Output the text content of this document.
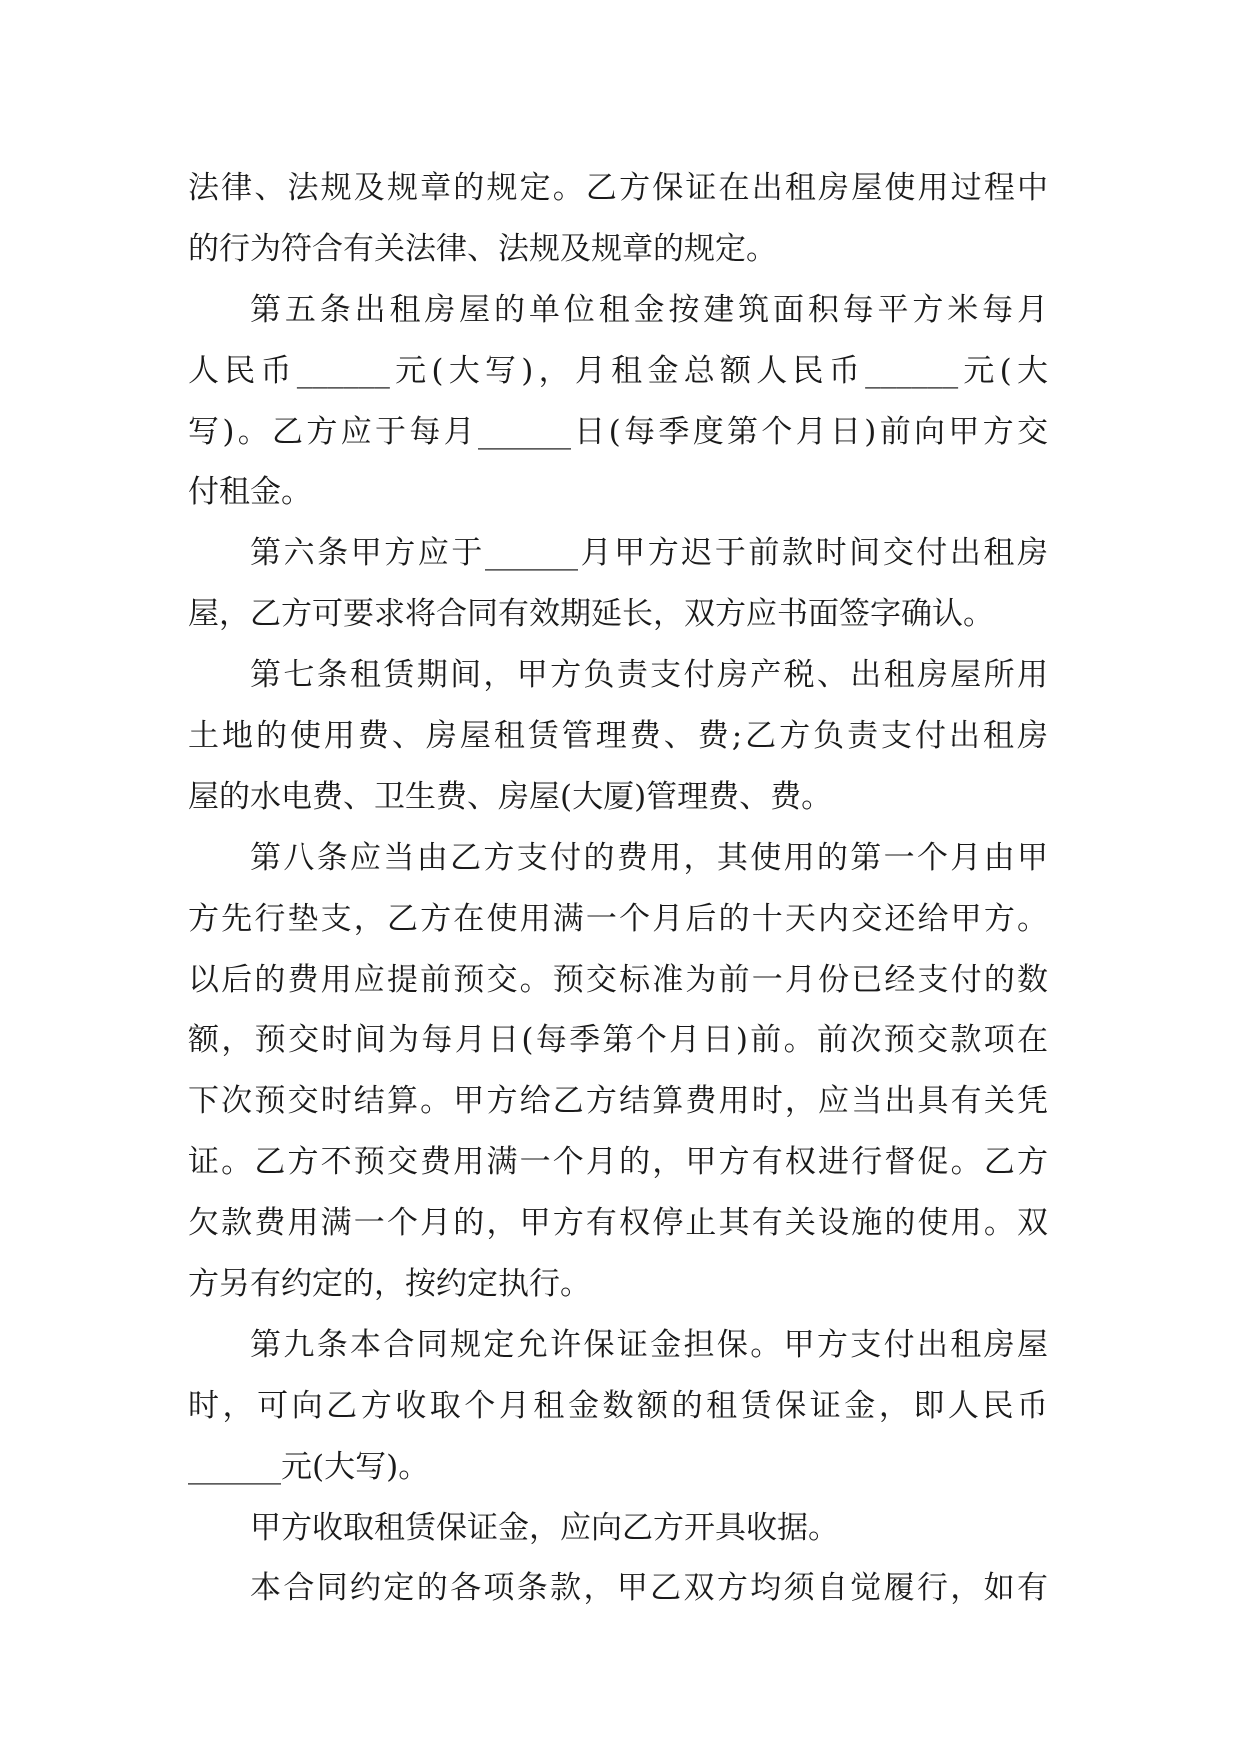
法律、法规及规章的规定。乙方保证在出租房屋使用过程中
的行为符合有关法律、法规及规章的规定。
第五条出租房屋的单位租金按建筑面积每平方米每月
人民币______元(大写)，月租金总额人民币______元(大
写)。乙方应于每月______日(每季度第个月日)前向甲方交
付租金。
第六条甲方应于______月甲方迟于前款时间交付出租房
屋，乙方可要求将合同有效期延长，双方应书面签字确认。
第七条租赁期间，甲方负责支付房产税、出租房屋所用
土地的使用费、房屋租赁管理费、费;乙方负责支付出租房
屋的水电费、卫生费、房屋(大厦)管理费、费。
第八条应当由乙方支付的费用，其使用的第一个月由甲
方先行垫支，乙方在使用满一个月后的十天内交还给甲方。
以后的费用应提前预交。预交标准为前一月份已经支付的数
额，预交时间为每月日(每季第个月日)前。前次预交款项在
下次预交时结算。甲方给乙方结算费用时，应当出具有关凭
证。乙方不预交费用满一个月的，甲方有权进行督促。乙方
欠款费用满一个月的，甲方有权停止其有关设施的使用。双
方另有约定的，按约定执行。
第九条本合同规定允许保证金担保。甲方支付出租房屋
时，可向乙方收取个月租金数额的租赁保证金，即人民币
______元(大写)。
甲方收取租赁保证金，应向乙方开具收据。
本合同约定的各项条款，甲乙双方均须自觉履行，如有
